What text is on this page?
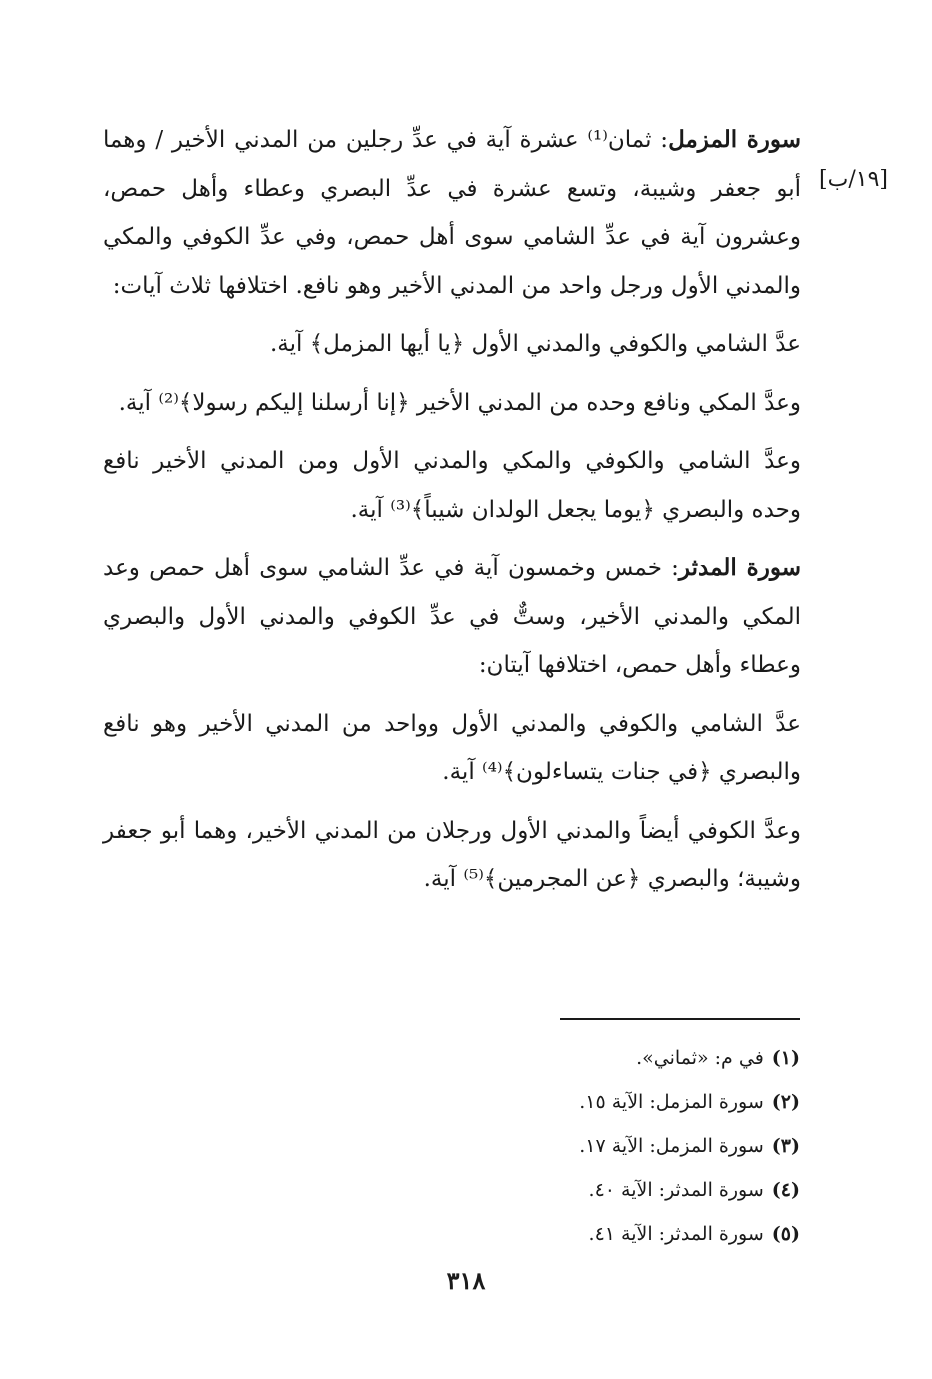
[١٩/ب]

سورة المزمل: ثمان⁽¹⁾ عشرة آية في عدِّ رجلين من المدني الأخير / وهما أبو جعفر وشيبة، وتسع عشرة في عدِّ البصري وعطاء وأهل حمص، وعشرون آية في عدِّ الشامي سوى أهل حمص، وفي عدِّ الكوفي والمكي والمدني الأول ورجل واحد من المدني الأخير وهو نافع. اختلافها ثلاث آيات:

عدَّ الشامي والكوفي والمدني الأول ﴿يا أيها المزمل﴾ آية.

وعدَّ المكي ونافع وحده من المدني الأخير ﴿إنا أرسلنا إليكم رسولا﴾⁽²⁾ آية.

وعدَّ الشامي والكوفي والمكي والمدني الأول ومن المدني الأخير نافع وحده والبصري ﴿يوما يجعل الولدان شيباً﴾⁽³⁾ آية.

سورة المدثر: خمس وخمسون آية في عدِّ الشامي سوى أهل حمص وعد المكي والمدني الأخير، وستٌّ في عدِّ الكوفي والمدني الأول والبصري وعطاء وأهل حمص، اختلافها آيتان:

عدَّ الشامي والكوفي والمدني الأول وواحد من المدني الأخير وهو نافع والبصري ﴿في جنات يتساءلون﴾⁽⁴⁾ آية.

وعدَّ الكوفي أيضاً والمدني الأول ورجلان من المدني الأخير، وهما أبو جعفر وشيبة؛ والبصري ﴿عن المجرمين﴾⁽⁵⁾ آية.

(١)في م: «ثماني».

(٢)سورة المزمل: الآية ١٥.

(٣)سورة المزمل: الآية ١٧.

(٤)سورة المدثر: الآية ٤٠.

(٥)سورة المدثر: الآية ٤١.

٣١٨
